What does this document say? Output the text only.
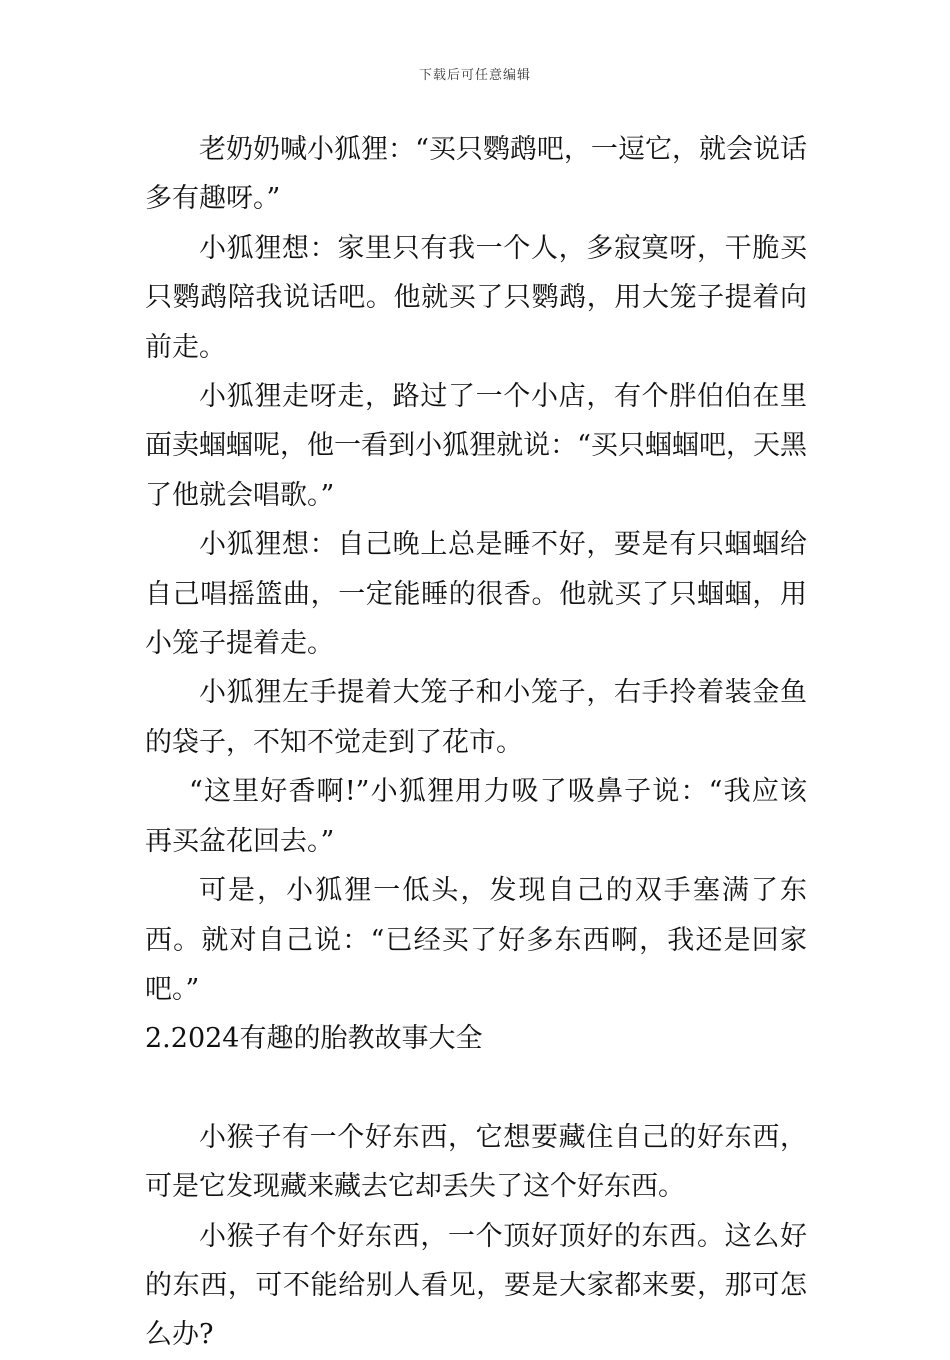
下载后可任意编辑

老奶奶喊小狐狸：“买只鹦鹉吧，一逗它，就会说话多有趣呀。”

小狐狸想：家里只有我一个人，多寂寞呀，干脆买只鹦鹉陪我说话吧。他就买了只鹦鹉，用大笼子提着向前走。

小狐狸走呀走，路过了一个小店，有个胖伯伯在里面卖蝈蝈呢，他一看到小狐狸就说：“买只蝈蝈吧，天黑了他就会唱歌。”

小狐狸想：自己晚上总是睡不好，要是有只蝈蝈给自己唱摇篮曲，一定能睡的很香。他就买了只蝈蝈，用小笼子提着走。

小狐狸左手提着大笼子和小笼子，右手拎着装金鱼的袋子，不知不觉走到了花市。

“这里好香啊!”小狐狸用力吸了吸鼻子说：“我应该再买盆花回去。”

可是，小狐狸一低头，发现自己的双手塞满了东西。就对自己说：“已经买了好多东西啊，我还是回家吧。”

2.2024有趣的胎教故事大全

小猴子有一个好东西，它想要藏住自己的好东西，可是它发现藏来藏去它却丢失了这个好东西。

小猴子有个好东西，一个顶好顶好的东西。这么好的东西，可不能给别人看见，要是大家都来要，那可怎么办?
